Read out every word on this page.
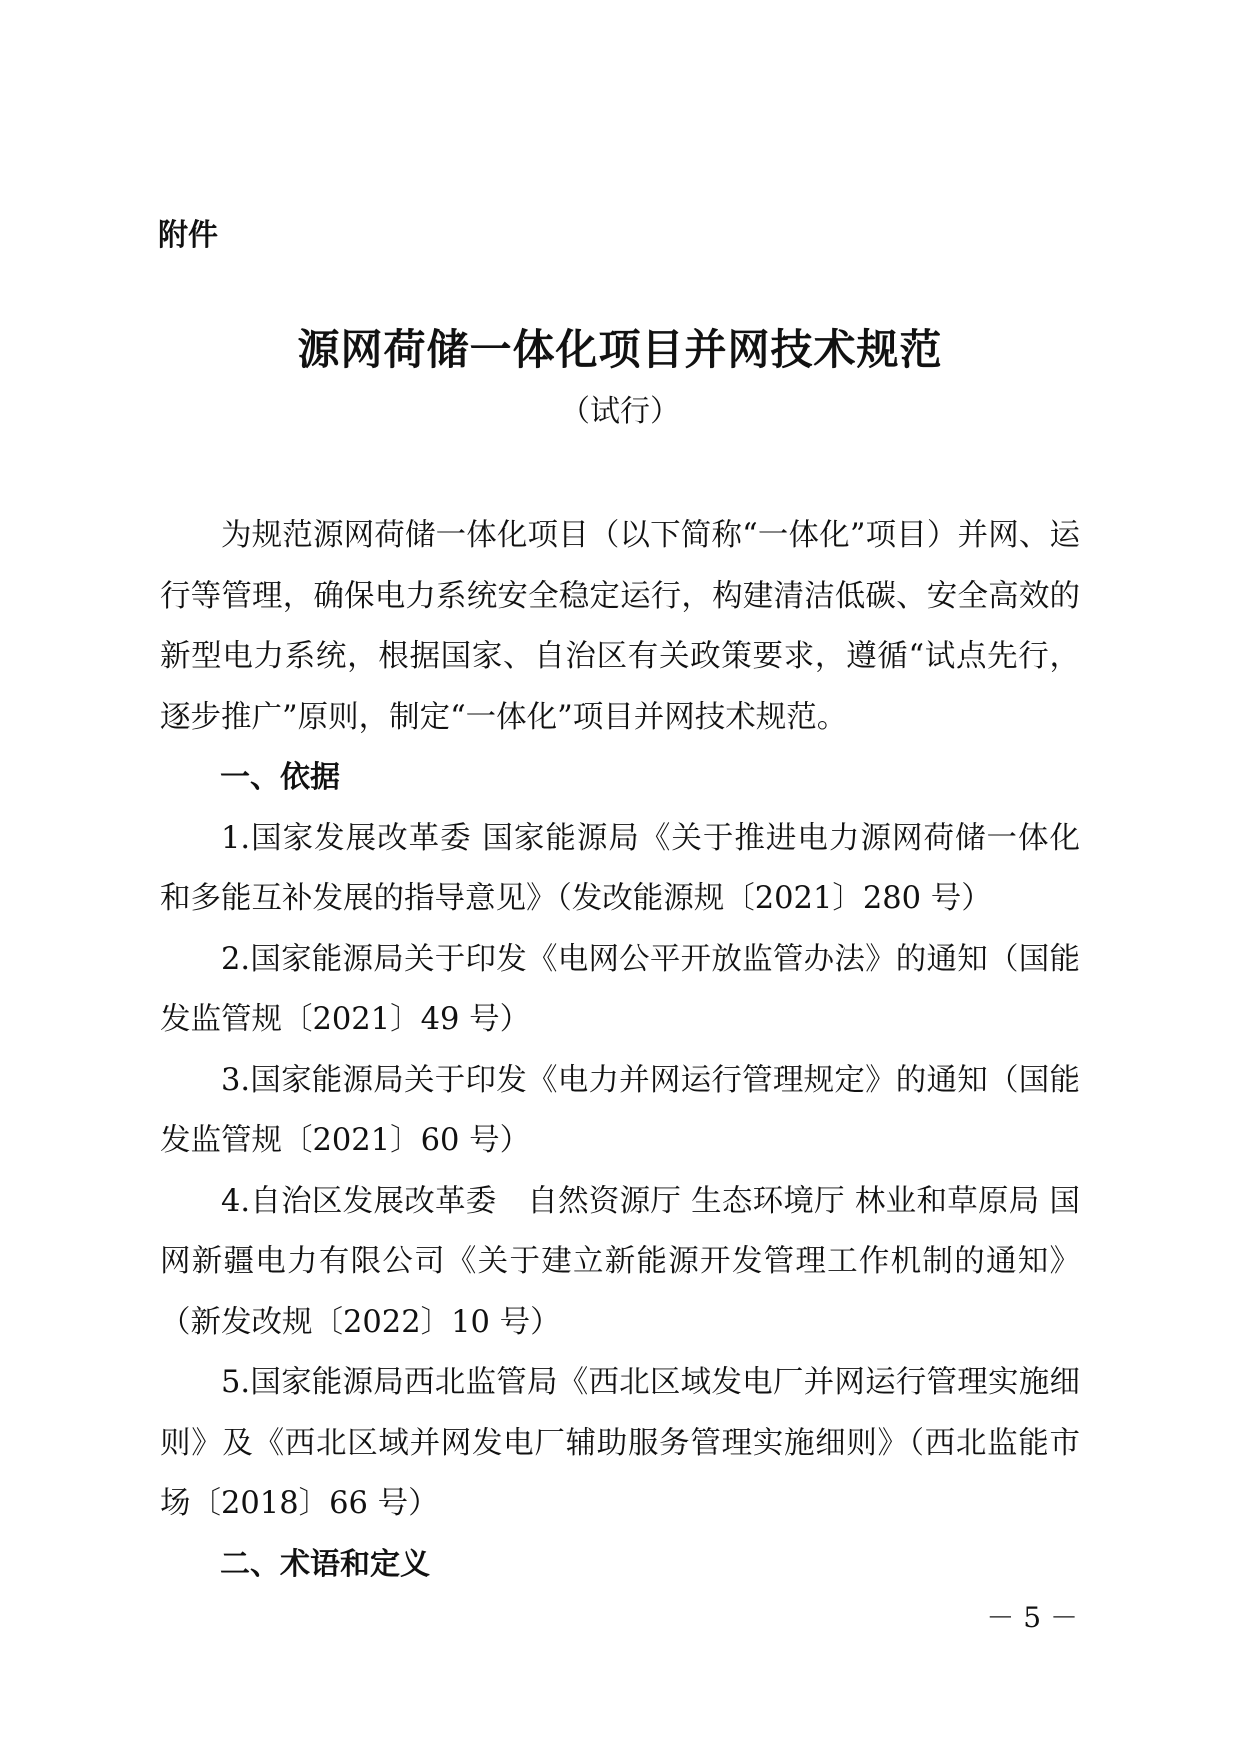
附件
源网荷储一体化项目并网技术规范
（试行）

为规范源网荷储一体化项目（以下简称“一体化”项目）并网、运行等管理，确保电力系统安全稳定运行，构建清洁低碳、安全高效的新型电力系统，根据国家、自治区有关政策要求，遵循“试点先行，逐步推广”原则，制定“一体化”项目并网技术规范。

一、依据

1.国家发展改革委 国家能源局《关于推进电力源网荷储一体化和多能互补发展的指导意见》（发改能源规〔2021〕280 号）

2.国家能源局关于印发《电网公平开放监管办法》的通知（国能发监管规〔2021〕49 号）

3.国家能源局关于印发《电力并网运行管理规定》的通知（国能发监管规〔2021〕60 号）

4.自治区发展改革委　自然资源厅 生态环境厅 林业和草原局 国网新疆电力有限公司《关于建立新能源开发管理工作机制的通知》（新发改规〔2022〕10 号）

5.国家能源局西北监管局《西北区域发电厂并网运行管理实施细则》及《西北区域并网发电厂辅助服务管理实施细则》（西北监能市场〔2018〕66 号）

二、术语和定义
－ 5 －
